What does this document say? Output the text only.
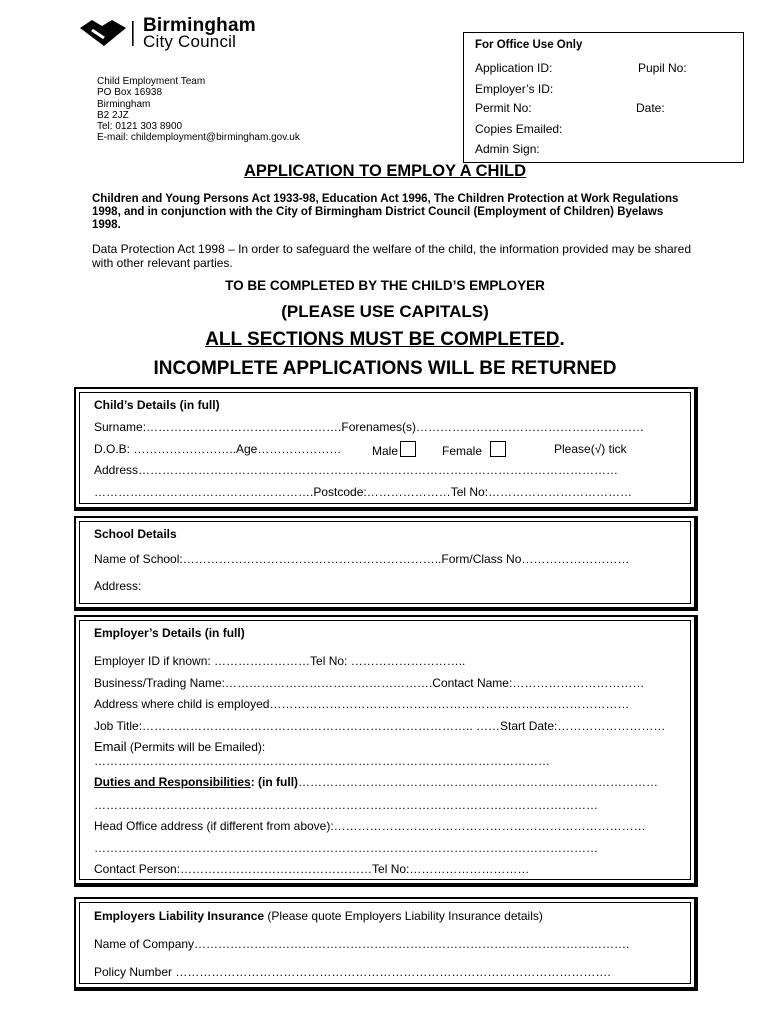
Birmingham
City Council
Child Employment Team
PO Box 16938
Birmingham
B2 2JZ
Tel: 0121 303 8900
E-mail: childemployment@birmingham.gov.uk
For Office Use Only
Application ID:	Pupil No:
Employer’s ID:
Permit No:	Date:
Copies Emailed:
Admin Sign:
APPLICATION TO EMPLOY A CHILD
Children and Young Persons Act 1933-98, Education Act 1996, The Children Protection at Work Regulations 1998, and in conjunction with the City of Birmingham District Council (Employment of Children) Byelaws 1998.
Data Protection Act 1998 – In order to safeguard the welfare of the child, the information provided may be shared with other relevant parties.
TO BE COMPLETED BY THE CHILD’S EMPLOYER
(PLEASE USE CAPITALS)
ALL SECTIONS MUST BE COMPLETED.
INCOMPLETE APPLICATIONS WILL BE RETURNED
Child’s Details (in full)
Surname:………………………………………….Forenames(s)…………………………………………………
D.O.B: ……………………..Age…………………	Male	Female	Please(√) tick
Address…………………………………………………………………………………………………………
……………………………………………….Postcode:…………………Tel No:………………………………
School Details
Name of School:………………………………………………………..Form/Class No………………………
Address:
Employer’s Details (in full)
Employer ID if known: ……………………Tel No: ………………………..
Business/Trading Name:…………………………………………….Contact Name:……………………………
Address where child is employed………………………………………………………………………………
Job Title:……………………………………………………………………….. ……Start Date:………………………
Email (Permits will be Emailed):
……………………………………………………………………………………………………
Duties and Responsibilities: (in full)………………………………………………………………………………
………………………………………………………………………………………………………………
Head Office address (if different from above):……………………………………………………………………
………………………………………………………………………………………………………………
Contact Person:…………………………………………Tel No:…………………………
Employers Liability Insurance (Please quote Employers Liability Insurance details)
Name of Company……………………………………………………………………………………………….
Policy Number ……………………………………………………………………………………………….
